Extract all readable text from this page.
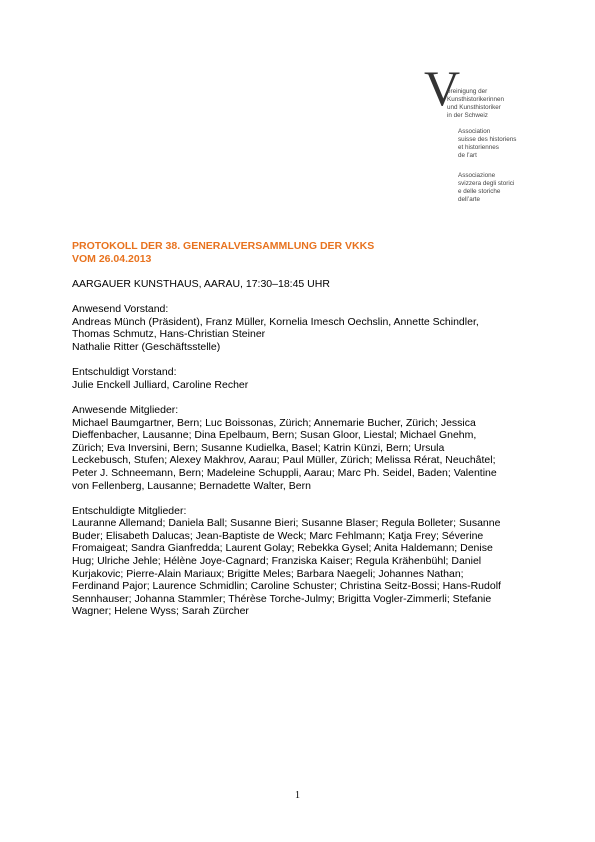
V
ereinigung der
Kunsthistorikerinnen
und Kunsthistoriker
in der Schweiz
Association
suisse des historiens
et historiennes
de l’art
Associazione
svizzera degli storici
e delle storiche
dell’arte
PROTOKOLL DER 38. GENERALVERSAMMLUNG DER VKKS
VOM 26.04.2013

AARGAUER KUNSTHAUS, AARAU, 17:30–18:45 UHR

Anwesend Vorstand:

Andreas Münch (Präsident), Franz Müller, Kornelia Imesch Oechslin, Annette Schindler,

Thomas Schmutz, Hans-Christian Steiner

Nathalie Ritter (Geschäftsstelle)

Entschuldigt Vorstand:

Julie Enckell Julliard, Caroline Recher

Anwesende Mitglieder:

Michael Baumgartner, Bern; Luc Boissonas, Zürich; Annemarie Bucher, Zürich; Jessica

Dieffenbacher, Lausanne; Dina Epelbaum, Bern; Susan Gloor, Liestal; Michael Gnehm,

Zürich; Eva Inversini, Bern; Susanne Kudielka, Basel; Katrin Künzi, Bern; Ursula

Leckebusch, Stufen; Alexey Makhrov, Aarau; Paul Müller, Zürich; Melissa Rérat, Neuchâtel;

Peter J. Schneemann, Bern; Madeleine Schuppli, Aarau; Marc Ph. Seidel, Baden; Valentine

von Fellenberg, Lausanne; Bernadette Walter, Bern

Entschuldigte Mitglieder:

Lauranne Allemand; Daniela Ball; Susanne Bieri; Susanne Blaser; Regula Bolleter; Susanne

Buder; Elisabeth Dalucas; Jean-Baptiste de Weck; Marc Fehlmann; Katja Frey; Séverine

Fromaigeat; Sandra Gianfredda; Laurent Golay; Rebekka Gysel; Anita Haldemann; Denise

Hug; Ulriche Jehle; Hélène Joye-Cagnard; Franziska Kaiser; Regula Krähenbühl; Daniel

Kurjakovic; Pierre-Alain Mariaux; Brigitte Meles; Barbara Naegeli; Johannes Nathan;

Ferdinand Pajor; Laurence Schmidlin; Caroline Schuster; Christina Seitz-Bossi; Hans-Rudolf

Sennhauser; Johanna Stammler; Thérèse Torche-Julmy; Brigitta Vogler-Zimmerli; Stefanie

Wagner; Helene Wyss; Sarah Zürcher

1
